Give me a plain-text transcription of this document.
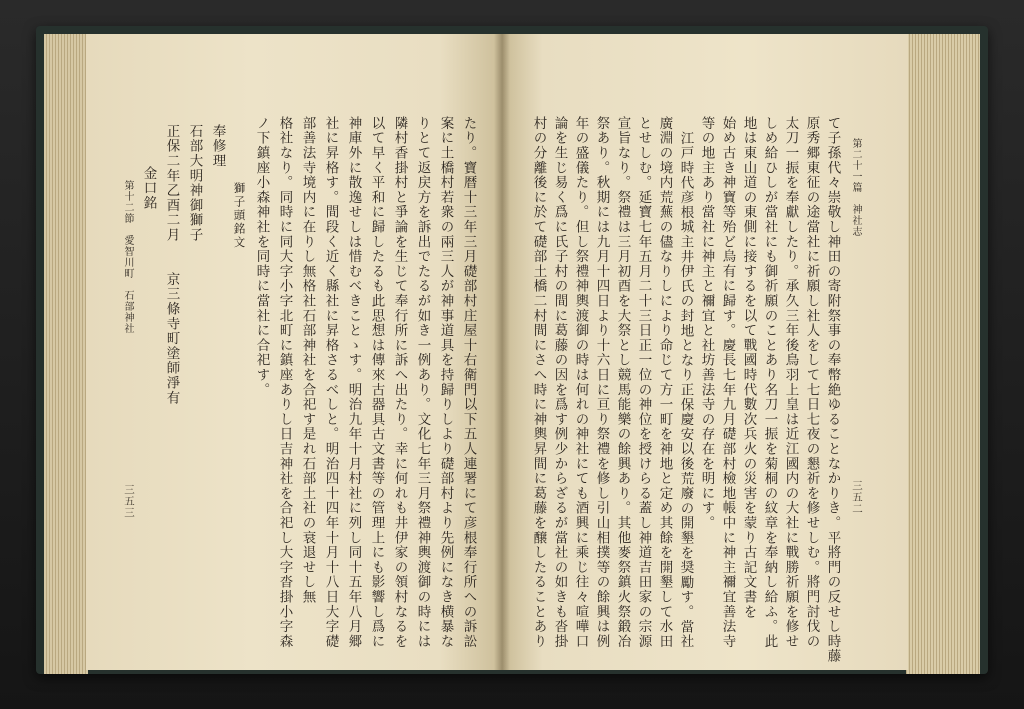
たり。寶暦十三年三月礎部村庄屋十右衛門以下五人連署にて彦根奉行所への訴訟
案に土橋村若衆の兩三人が神事道具を持歸りしより礎部村より先例になき横暴な
りとて返戻方を訴出でたるが如き一例あり。文化七年三月祭禮神輿渡御の時には
隣村香掛村と爭論を生じて奉行所に訴へ出たり。幸に何れも井伊家の領村なるを
以て早く平和に歸したるも此思想は傳來古器具古文書等の管理上にも影響し爲に
神庫外に散逸せしは惜むべきことゝす。明治九年十月村社に列し同十五年八月郷
社に昇格す。間段く近く縣社に昇格さるべしと。明治四十四年十月十八日大字礎
部善法寺境内に在りし無格社石部神社を合祀す是れ石部土社の衰退せし無
格社なり。同時に同大字小字北町に鎮座ありし日吉神社を合祀し大字沓掛小字森
ノ下鎮座小森神社を同時に當社に合祀す。
獅子頭銘文
奉修理
石部大明神御獅子
正保二年乙酉二月　　京三條寺町塗師淨有
金口銘
第十二節　愛智川町　石部神社
三五三
第二十一篇　神社志
三五二
て子孫代々崇敬し神田の寄附祭事の奉幣絶ゆることなかりき。平將門の反せし時藤
原秀郷東征の途當社に祈願し社人をして七日七夜の懇祈を修せしむ。將門討伐の
太刀一振を奉獻したり。承久三年後鳥羽上皇は近江國内の大社に戰勝祈願を修せ
しめ給ひしが當社にも御祈願のことあり名刀一振を菊桐の紋章を奉納し給ふ。此
地は東山道の東側に接するを以て戰國時代數次兵火の災害を蒙り古記文書を
始め古き神寶等殆ど烏有に歸す。慶長七年九月礎部村檢地帳中に神主禰宜善法寺
等の地主あり當社に神主と禰宜と社坊善法寺の存在を明にす。
江戸時代彦根城主井伊氏の封地となり正保慶安以後荒廢の開墾を奨勵す。當社
廣淵の境内荒蕪の儘なりしにより命じて方一町を神地と定め其餘を開墾して水田
とせしむ。延寶七年五月二十三日正一位の神位を授けらる蓋し神道吉田家の宗源
宣旨なり。祭禮は三月初酉を大祭とし競馬能樂の餘興あり。其他麥祭鎮火祭鍛冶
祭あり。秋期には九月十四日より十六日に亘り祭禮を修し引山相撲等の餘興は例
年の盛儀たり。但し祭禮神輿渡御の時は何れの神社にても酒興に乘じ往々喧嘩口
論を生じ易く爲に氏子村の間に葛藤の因を爲す例少からざるが當社の如きも沓掛
村の分離後に於て礎部土橋二村間にさへ時に神輿昇間に葛藤を醸したることあり
